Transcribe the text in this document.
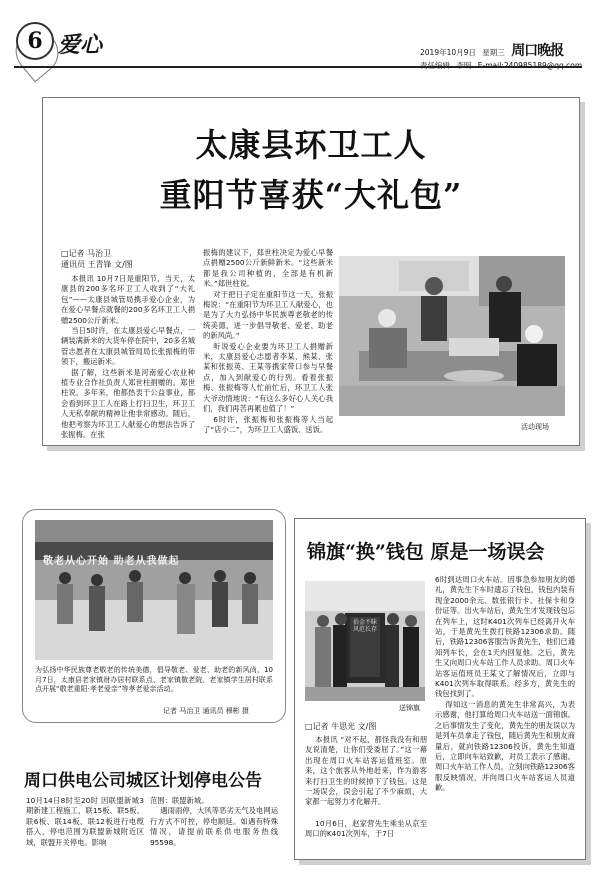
6 爱心	2019年10月9日 星期三 周口晚报
太康县环卫工人
重阳节喜获“大礼包”
□记者 马治卫
通讯员 王青锋 文/图

本报讯 10月7日是重阳节，当天，太康县的200多名环卫工人收到了“大礼包”——太康县城管局携手爱心企业，为在爱心早餐点就餐的200多名环卫工人捐赠2500公斤新米。

当日5时许，在太康县爱心早餐点，一辆装满新米的大货车停在院中，20多名城管志愿者在太康县城管局局长张振梅的带领下，搬运新米。

据了解，这些新米是河南爱心农业种植专业合作社负责人郑世柱捐赠的。郑世柱说，多年来，他都热衷于公益事业，都会看到环卫工人在路上打扫卫生，环卫工人无私奉献的精神让他非常感动。随后，他把考察为环卫工人献爱心的想法告诉了张振梅。在张

振梅的建议下，郑世柱决定为爱心早餐点捐赠2500公斤新鲜新米。“这些新米都是我公司种植的，全部是有机新米。”郑世柱说。

对于把日子定在重阳节这一天，张振梅说：“在重阳节为环卫工人献爱心，也是为了大力弘扬中华民族尊老敬老的传统美德，进一步倡导敬老、爱老、助老的新风尚。”

听说爱心企业要为环卫工人捐赠新米，太康县爱心志愿者李某、熊某、张某和张振英、王某等携家带口参与早餐点，加入到献爱心的行列。看着张振梅、张振梅等人忙前忙后，环卫工人张大爷动情地说：“有这么多好心人关心我们，我们再苦再累也值了！”

6时许，张振梅和张振梅等人当起了“店小二”，为环卫工人盛饭、送饭。	活动现场
敬老从心开始 助老从我做起
为弘扬中华民族尊老敬老的传统美德，倡导敬老、爱老、助老的新风尚，10月7日，太康县老家镇财办居村联系点、老家镇敬老院、老家镇学生居村联系点开展“敬老重阳·孝老爱亲”等孝老爱亲活动。
记者 马治卫 通讯员 穆彬 摄
锦旗“换”钱包 原是一场误会
拾金不昧 风范长存
送锦旗
□记者 牛思光 文/图

本报讯 “对不起，都怪我没有和朋友说清楚，让你们受委屈了。”这一幕出现在周口火车站客运值班室。原来，这个旅客从外地赶来，作为游客来打扫卫生的时候掉下了钱包。这是一场误会，误会引起了不少麻烦，大家都一起努力才化解开。

10月6日，赵家营先生乘坐从京至周口的K401次列车，于7日

6时到达周口火车站。因事急参加朋友的婚礼，黄先生下车时遗忘了钱包，钱包内装有现金2000余元、数张银行卡、社保卡和身份证等。出火车站后，黄先生才发现钱包忘在列车上，这时K401次列车已经离开火车站，于是黄先生拨打铁路12306求助。随后，铁路12306客服告诉黄先生，他们已通知列车长，会在1天内回复他。之后，黄先生又向周口火车站工作人员求助。周口火车站客运值班员王某文了解情况后，立即与K401次列车取得联系。经多方，黄先生的钱包找到了。

得知这一消息的黄先生非常高兴，为表示感谢，他打算给周口火车站送一面锦旗。之后事情发生了变化，黄先生的朋友误以为是列车员拿走了钱包，随后黄先生和朋友商量后，就向铁路12306投诉，黄先生知道后，立即向车站致歉，对员工表示了感谢。周口火车站工作人员，立刻向铁路12306客服反映情况，并向周口火车站客运人员道歉。

周口供电公司城区计划停电公告
10月14日8时至20时 因联盟新城3期新建工程施工，联15板、联5板、联6板、联14板、联12板进行电缆搭入，停电范围为联盟新城附近区域，联盟开关停电。影响

范围：联盟新城。

遇雨雨停，大风等恶劣天气及电网运行方式不可控，停电顺延。如遇有特殊情况，请提前联系供电服务热线95598。
